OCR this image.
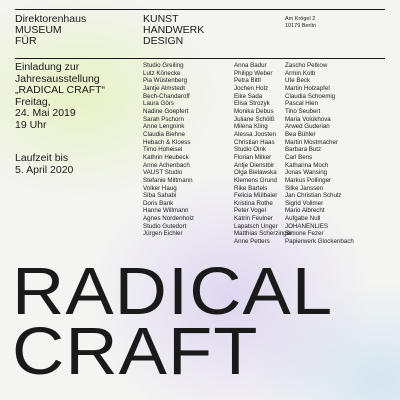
Direktorenhaus
MUSEUM
FÜR
KUNST
HANDWERK
DESIGN
Am Krögel 2
10179 Berlin
Einladung zur
Jahresausstellung
„RADICAL CRAFT“
Freitag,
24. Mai 2019
19 Uhr
Laufzeit bis
5. April 2020
Studio Greiling
Lutz Könecke
Pia Wüstenberg
Jantje Almstedt
Bech-Chandaroff
Laura Görs
Nadine Goepfert
Sarah Pschorn
Anne Lengnink
Claudia Biehne
Hebach & Kloess
Timo Hoheisel
Kathrin Heubeck
Anne Achenbach
VAUST Studio
Stefanie Miltmann
Volker Haug
Siba Sahabi
Doris Bank
Hanne Willmann
Agnes Nordenholz
Studio Gutedort
Jürgen Eichler
Anna Badur
Philipp Weber
Petra Bittl
Jochen Holz
Eike Sada
Elisa Strozyk
Monika Debus
Juliane Schölß
Milena Kling
Alessa Joosten
Christian Haas
Studio Oink
Florian Milker
Antje Dienstbir
Olga Bielawska
Klemens Grund
Rike Bartels
Felicia Mülbaier
Kristina Rothe
Peter Vogel
Katrin Feulner
Lapatsch Unger
Matthias Scherzinger
Anne Petters
Zascho Petkow
Armin Kolb
Ute Beck
Martin Holzapfel
Claudia Schoemig
Pascal Hien
Tino Seubert
Maria Volokhova
Arwed Guderian
Bea Bühler
Martin Mostmacher
Barbara Butz
Carl Bens
Katharina Moch
Jonas Wansing
Markus Pollinger
Silke Janssen
Jan Christian Schulz
Sigrid Vollmer
Mario Albrecht
Aufgabe Null
JOHANENLIES
Simone Fezer
Papierwerk Glockenbach
RADICAL
CRAFT
